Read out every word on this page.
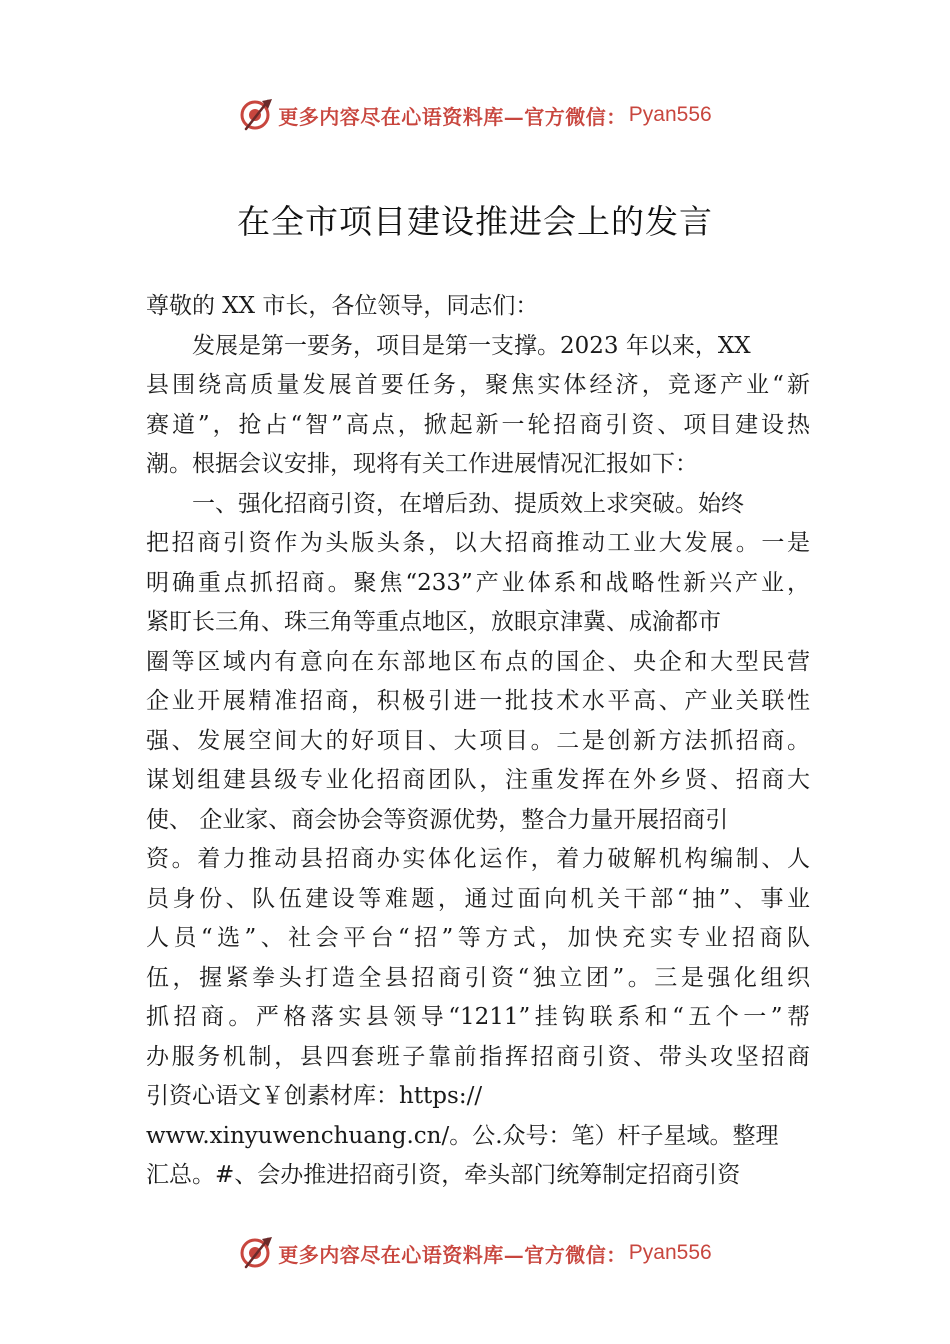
更多内容尽在心语资料库—官方微信： Pyan556
在全市项目建设推进会上的发言
尊敬的 XX 市长，各位领导，同志们：
发展是第一要务，项目是第一支撑。2023 年以来，XX
县围绕高质量发展首要任务，聚焦实体经济，竞逐产业“新
赛道”，抢占“智”高点，掀起新一轮招商引资、项目建设热
潮。根据会议安排，现将有关工作进展情况汇报如下：
一、强化招商引资，在增后劲、提质效上求突破。始终
把招商引资作为头版头条，以大招商推动工业大发展。一是
明确重点抓招商。聚焦“233”产业体系和战略性新兴产业，
紧盯长三角、珠三角等重点地区，放眼京津冀、成渝都市
圈等区域内有意向在东部地区布点的国企、央企和大型民营
企业开展精准招商，积极引进一批技术水平高、产业关联性
强、发展空间大的好项目、大项目。二是创新方法抓招商。
谋划组建县级专业化招商团队，注重发挥在外乡贤、招商大
使、 企业家、商会协会等资源优势，整合力量开展招商引
资。着力推动县招商办实体化运作，着力破解机构编制、人
员身份、队伍建设等难题，通过面向机关干部“抽”、事业
人员“选”、社会平台“招”等方式，加快充实专业招商队
伍，握紧拳头打造全县招商引资“独立团”。三是强化组织
抓招商。严格落实县领导“1211”挂钩联系和“五个一”帮
办服务机制，县四套班子靠前指挥招商引资、带头攻坚招商
引资心语文￥创素材库：https://
www.xinyuwenchuang.cn/。公.众号：笔）杆子星域。整理
汇总。#、会办推进招商引资，牵头部门统筹制定招商引资
更多内容尽在心语资料库—官方微信： Pyan556
